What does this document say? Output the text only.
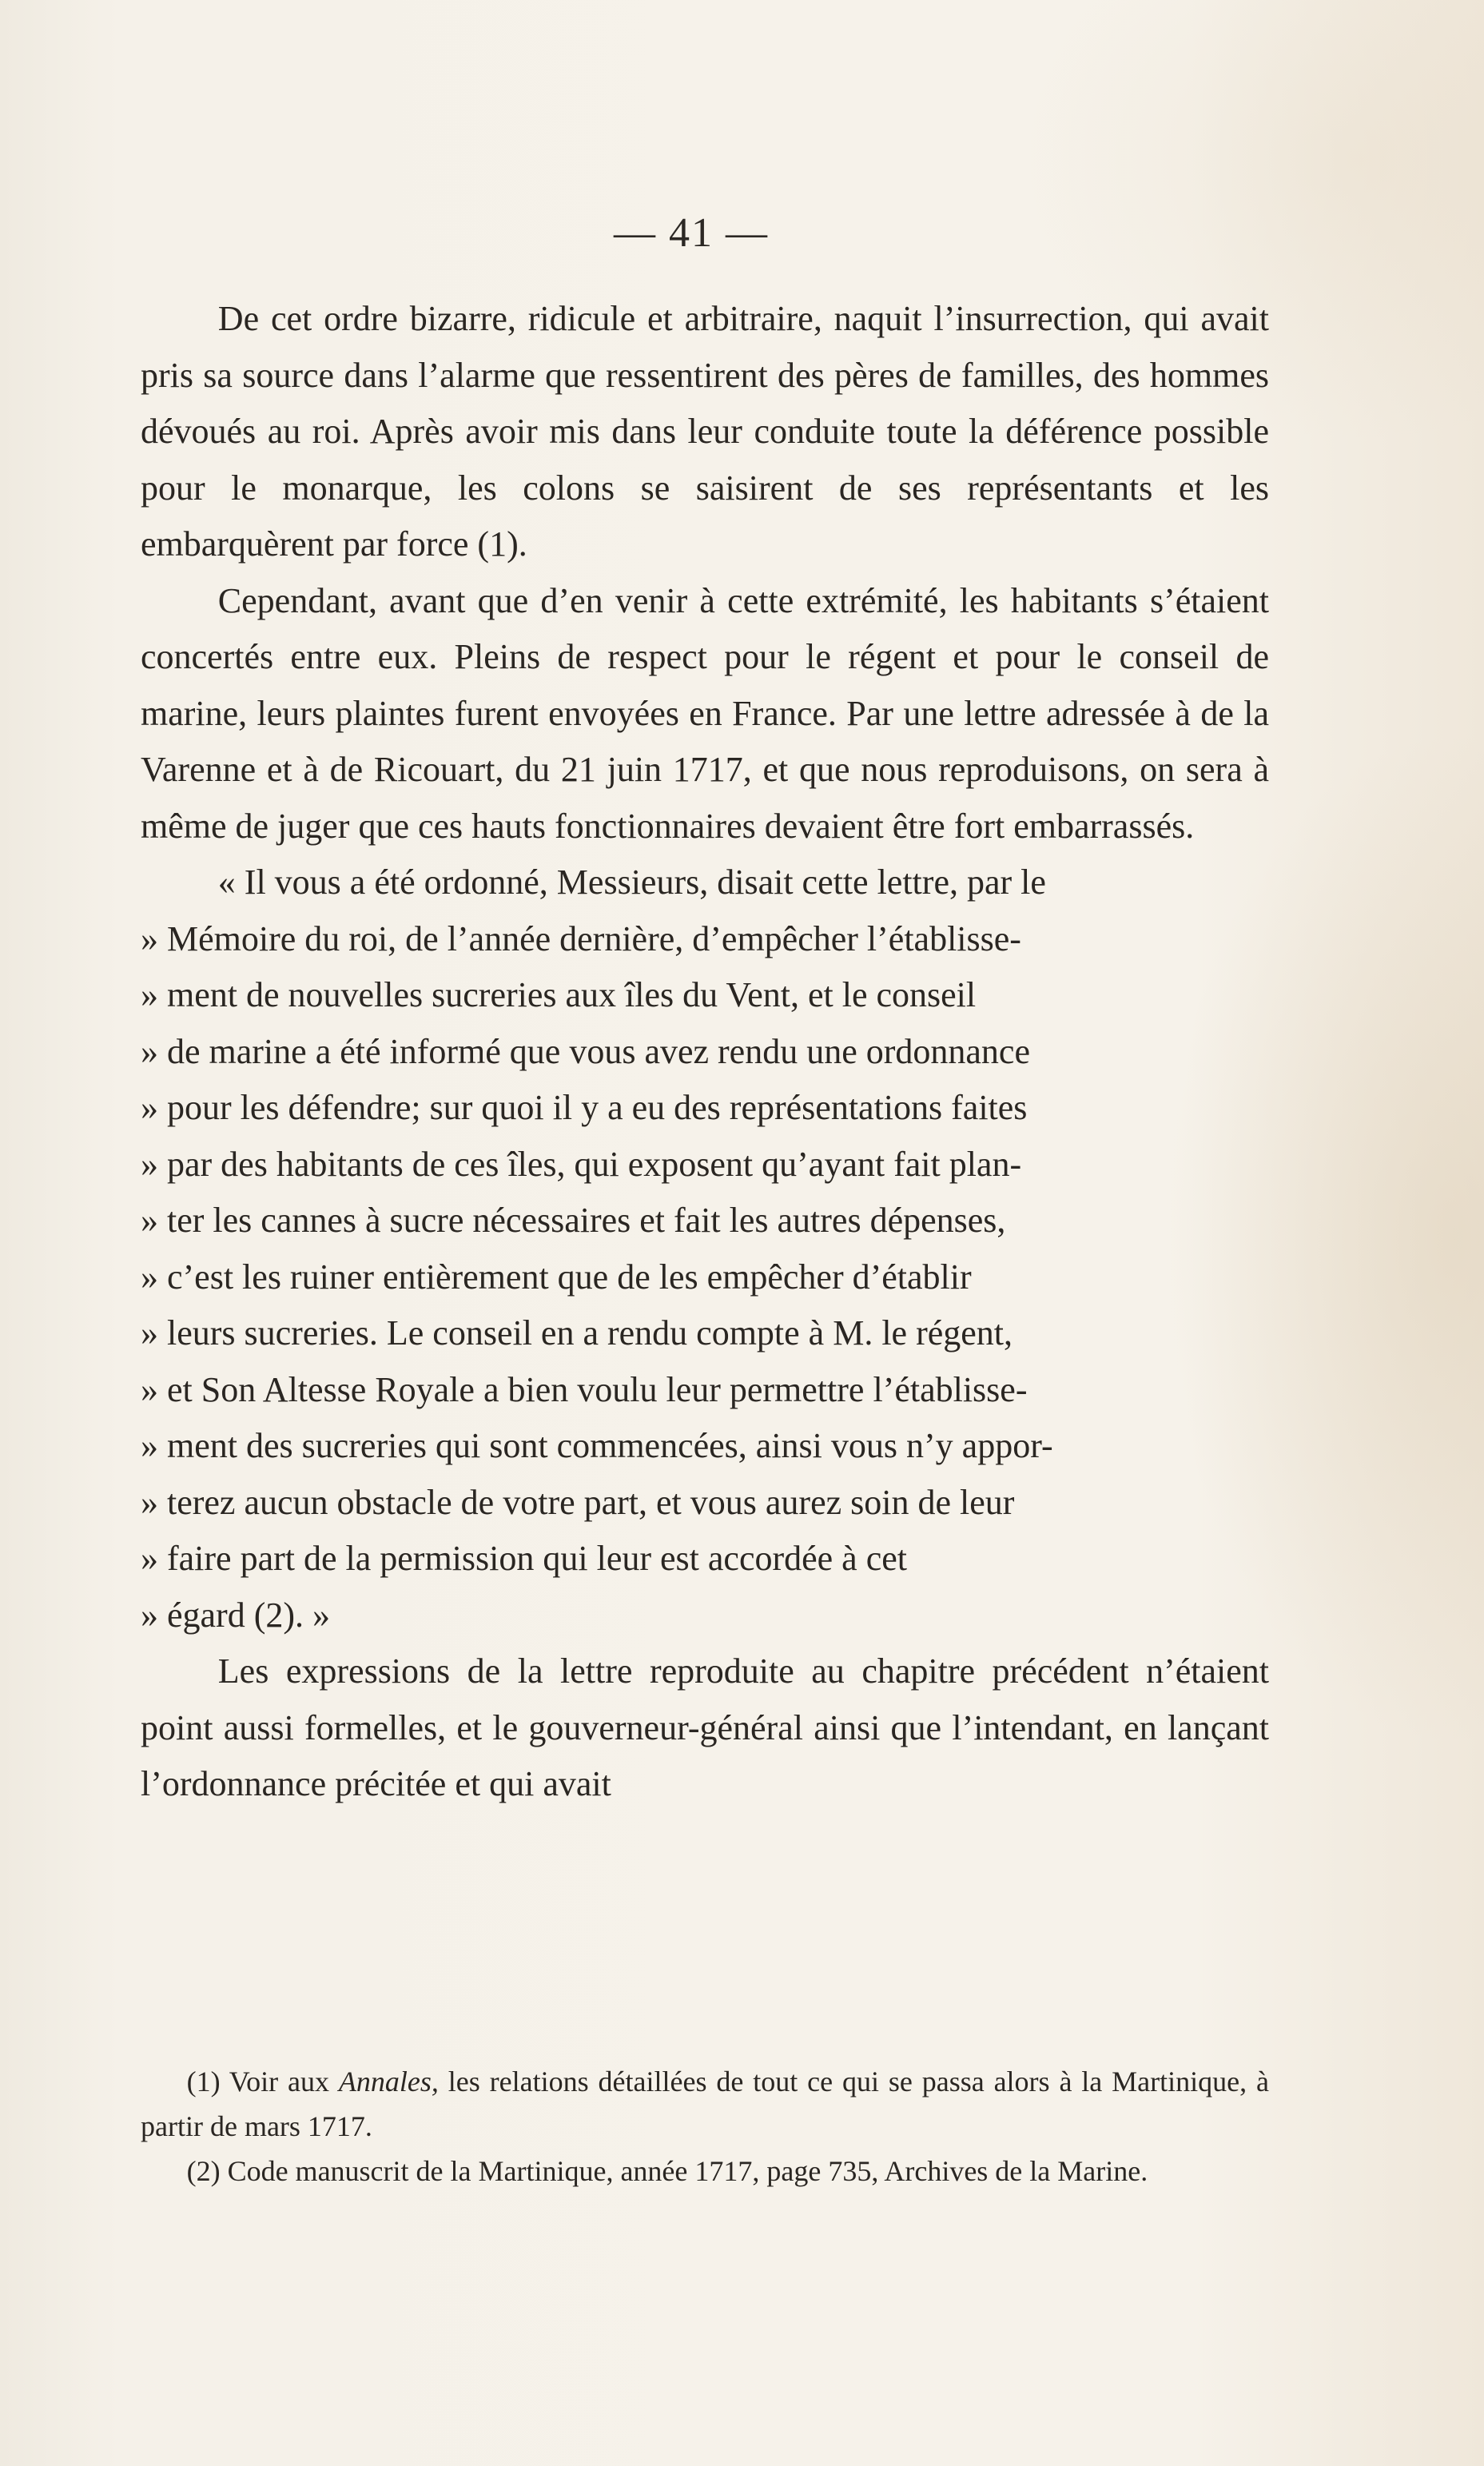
— 41 —

De cet ordre bizarre, ridicule et arbitraire, naquit l’insurrection, qui avait pris sa source dans l’alarme que ressentirent des pères de familles, des hommes dévoués au roi. Après avoir mis dans leur conduite toute la déférence possible pour le monarque, les colons se saisirent de ses représentants et les embarquèrent par force (1).

Cependant, avant que d’en venir à cette extrémité, les habitants s’étaient concertés entre eux. Pleins de respect pour le régent et pour le conseil de marine, leurs plaintes furent envoyées en France. Par une lettre adressée à de la Varenne et à de Ricouart, du 21 juin 1717, et que nous reproduisons, on sera à même de juger que ces hauts fonctionnaires devaient être fort embarrassés.

« Il vous a été ordonné, Messieurs, disait cette lettre, par le
» Mémoire du roi, de l’année dernière, d’empêcher l’établisse-
» ment de nouvelles sucreries aux îles du Vent, et le conseil
» de marine a été informé que vous avez rendu une ordonnance
» pour les défendre; sur quoi il y a eu des représentations faites
» par des habitants de ces îles, qui exposent qu’ayant fait plan-
» ter les cannes à sucre nécessaires et fait les autres dépenses,
» c’est les ruiner entièrement que de les empêcher d’établir
» leurs sucreries. Le conseil en a rendu compte à M. le régent,
» et Son Altesse Royale a bien voulu leur permettre l’établisse-
» ment des sucreries qui sont commencées, ainsi vous n’y appor-
» terez aucun obstacle de votre part, et vous aurez soin de leur
» faire part de la permission qui leur est accordée à cet
» égard (2). »

Les expressions de la lettre reproduite au chapitre précédent n’étaient point aussi formelles, et le gouverneur-général ainsi que l’intendant, en lançant l’ordonnance précitée et qui avait

(1) Voir aux Annales, les relations détaillées de tout ce qui se passa alors à la Martinique, à partir de mars 1717.

(2) Code manuscrit de la Martinique, année 1717, page 735, Archives de la Marine.
